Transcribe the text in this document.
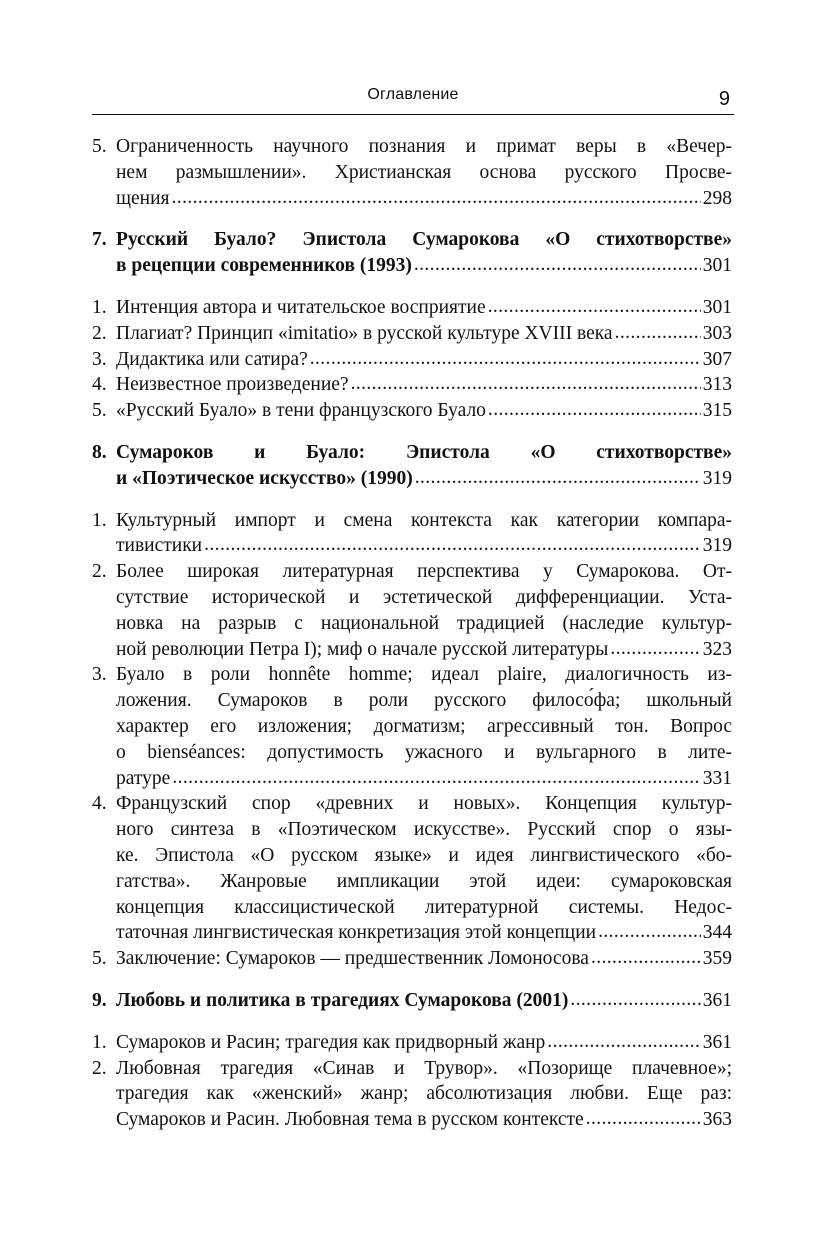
Оглавление	9
5. Ограниченность научного познания и примат веры в «Вечер-
нем размышлении». Христианская основа русского Просве-
щения .....	298
7. Русский Буало? Эпистола Сумарокова «О стихотворстве»
в рецепции современников (1993) .....	301
1. Интенция автора и читательское восприятие .....	301
2. Плагиат? Принцип «imitatio» в русской культуре XVIII века .....	303
3. Дидактика или сатира? .....	307
4. Неизвестное произведение? .....	313
5. «Русский Буало» в тени французского Буало .....	315
8. Сумароков и Буало: Эпистола «О стихотворстве»
и «Поэтическое искусство» (1990) .....	319
1. Культурный импорт и смена контекста как категории компара-
тивистики .....	319
2. Более широкая литературная перспектива у Сумарокова. От-
сутствие исторической и эстетической дифференциации. Уста-
новка на разрыв с национальной традицией (наследие культур-
ной революции Петра I); миф о начале русской литературы .....	323
3. Буало в роли honnête homme; идеал plaire, диалогичность из-
ложения. Сумароков в роли русского филосо́фа; школьный
характер его изложения; догматизм; агрессивный тон. Вопрос
о bienséances: допустимость ужасного и вульгарного в лите-
ратуре .....	331
4. Французский спор «древних и новых». Концепция культур-
ного синтеза в «Поэтическом искусстве». Русский спор о язы-
ке. Эпистола «О русском языке» и идея лингвистического «бо-
гатства». Жанровые импликации этой идеи: сумароковская
концепция классицистической литературной системы. Недос-
таточная лингвистическая конкретизация этой концепции .....	344
5. Заключение: Сумароков — предшественник Ломоносова .....	359
9. Любовь и политика в трагедиях Сумарокова (2001) .....	361
1. Сумароков и Расин; трагедия как придворный жанр .....	361
2. Любовная трагедия «Синав и Трувор». «Позорище плачевное»;
трагедия как «женский» жанр; абсолютизация любви. Еще раз:
Сумароков и Расин. Любовная тема в русском контексте .....	363
